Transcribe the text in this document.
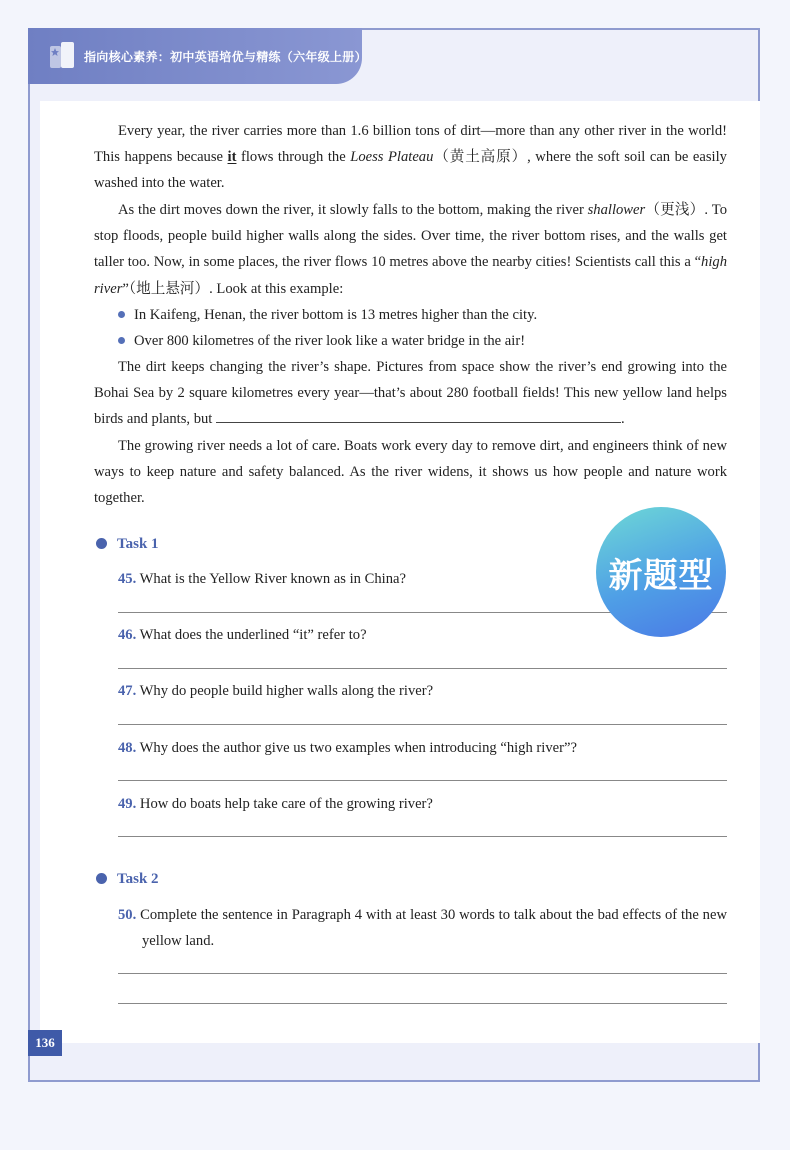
指向核心素养：初中英语培优与精练（六年级上册）

Every year, the river carries more than 1.6 billion tons of dirt—more than any other river in the world! This happens because it flows through the Loess Plateau（黄土高原）, where the soft soil can be easily washed into the water.

As the dirt moves down the river, it slowly falls to the bottom, making the river shallower（更浅）. To stop floods, people build higher walls along the sides. Over time, the river bottom rises, and the walls get taller too. Now, in some places, the river flows 10 metres above the nearby cities! Scientists call this a “high river”（地上悬河）. Look at this example:

In Kaifeng, Henan, the river bottom is 13 metres higher than the city.
Over 800 kilometres of the river look like a water bridge in the air!

The dirt keeps changing the river’s shape. Pictures from space show the river’s end growing into the Bohai Sea by 2 square kilometres every year—that’s about 280 football fields! This new yellow land helps birds and plants, but	.

The growing river needs a lot of care. Boats work every day to remove dirt, and engineers think of new ways to keep nature and safety balanced. As the river widens, it shows us how people and nature work together.

Task 1
45. What is the Yellow River known as in China?
46. What does the underlined “it” refer to?
47. Why do people build higher walls along the river?
48. Why does the author give us two examples when introducing “high river”?
49. How do boats help take care of the growing river?
新题型
Task 2
50. Complete the sentence in Paragraph 4 with at least 30 words to talk about the bad effects of the new yellow land.
136
